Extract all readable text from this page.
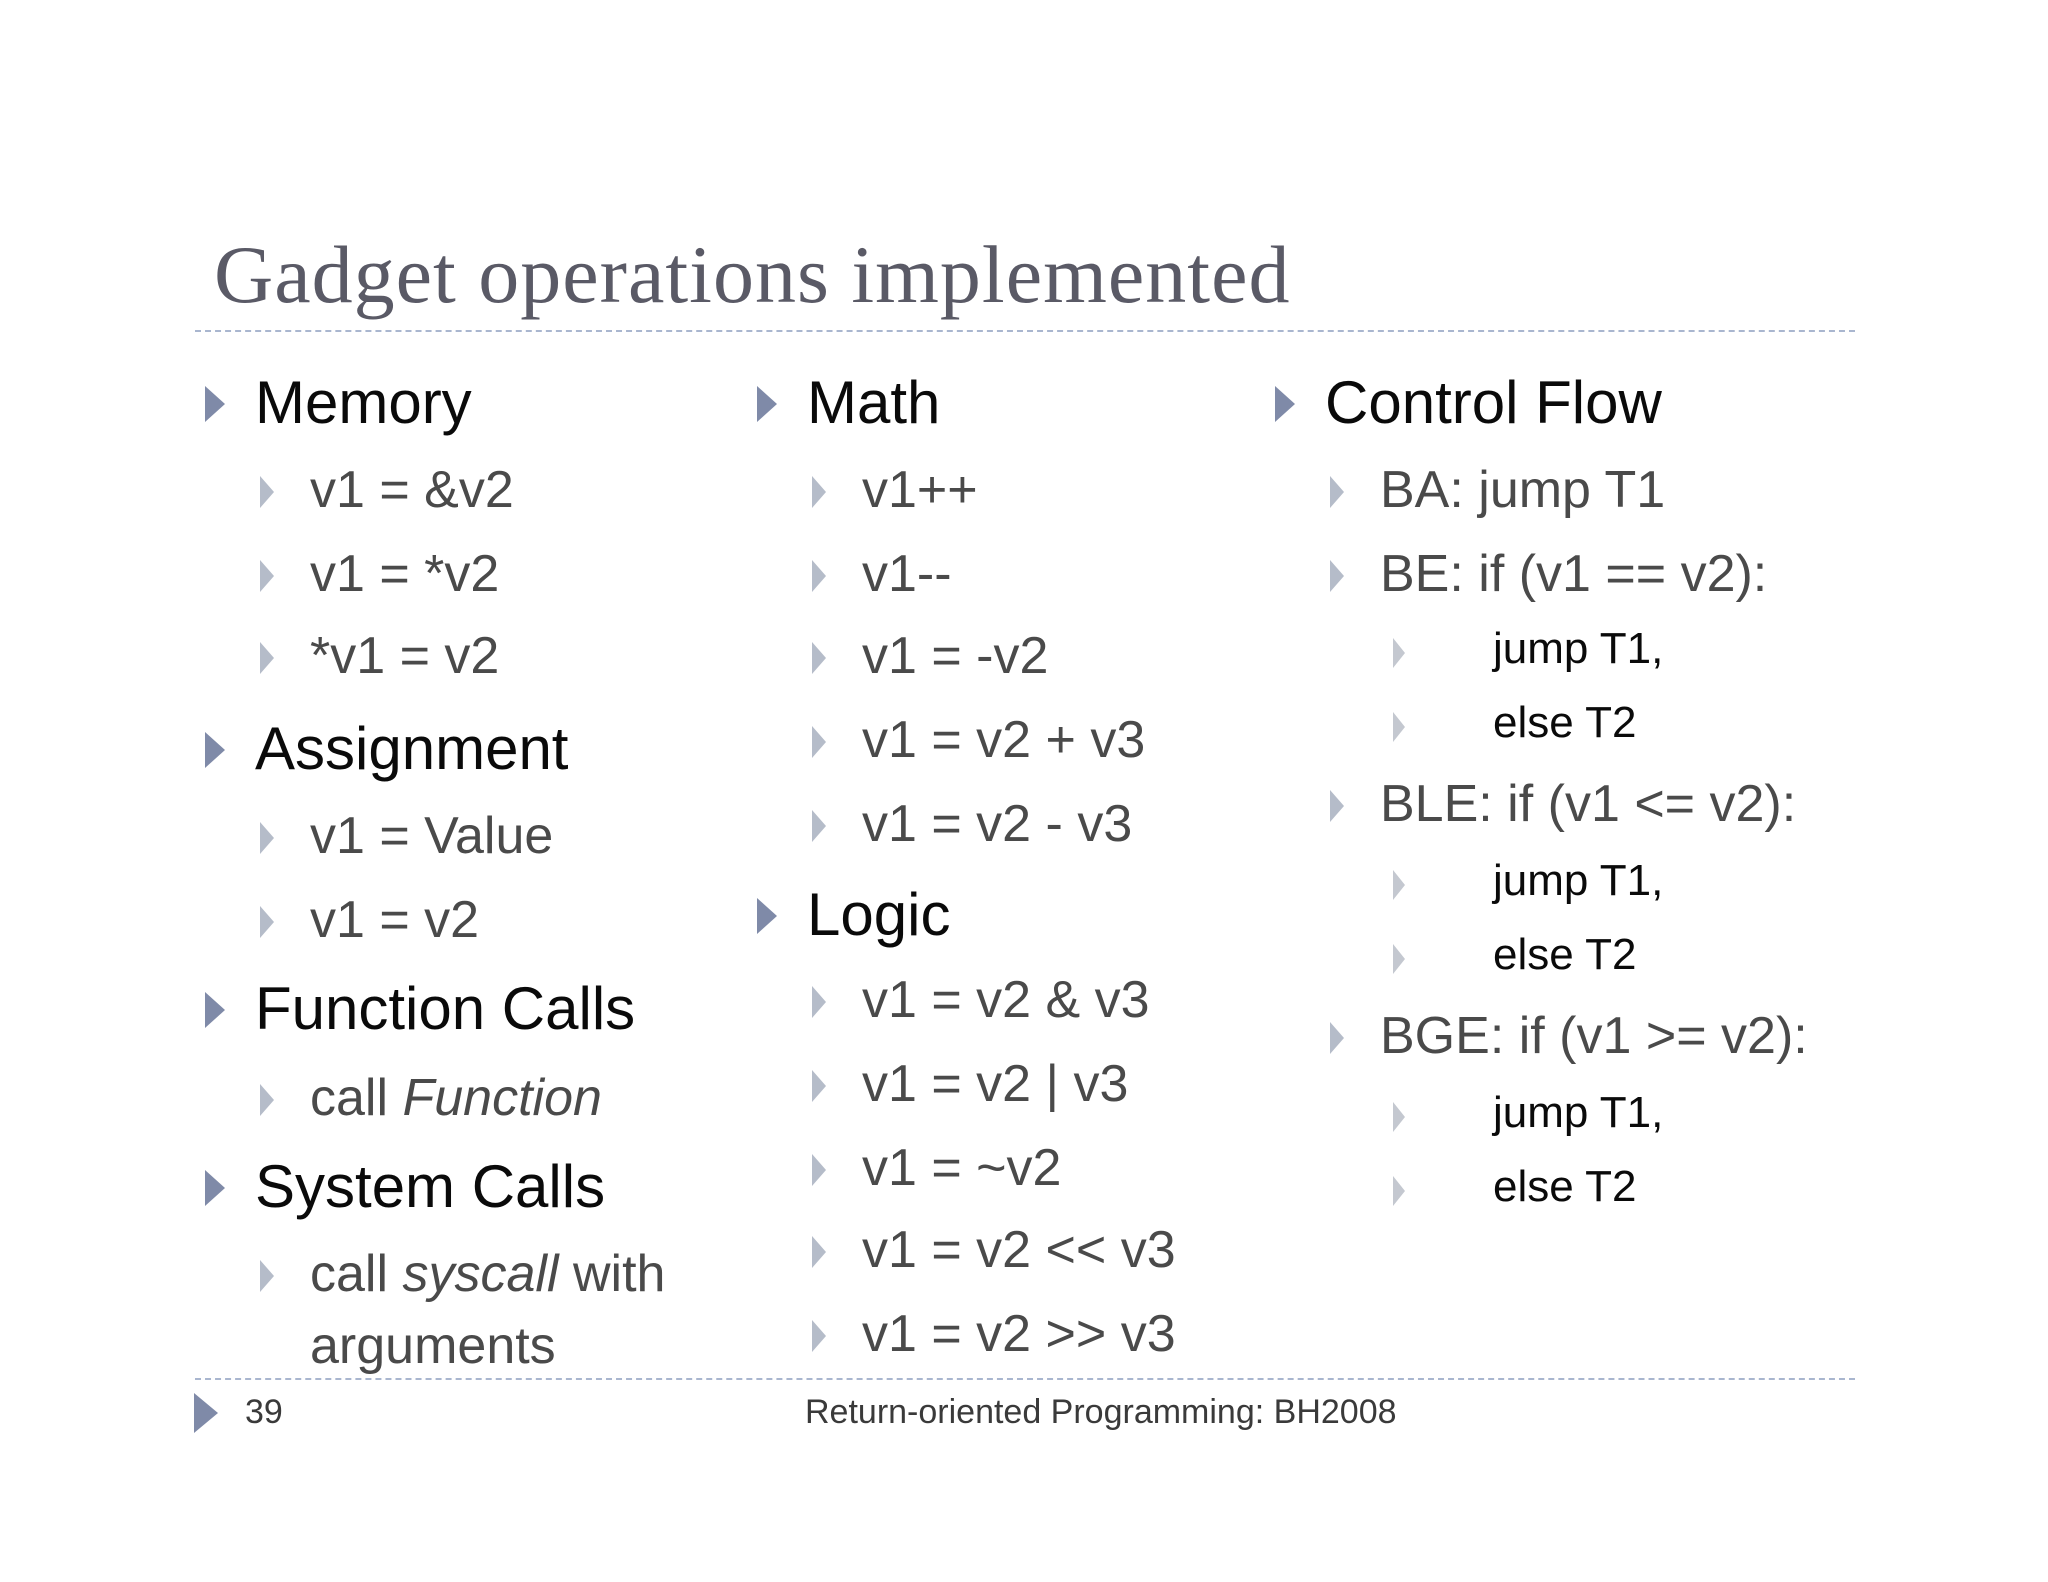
Gadget operations implemented
Memory
v1 = &v2
v1 = *v2
*v1 = v2
Assignment
v1 = Value
v1 = v2
Function Calls
call Function
System Calls
call syscall with
arguments
Math
v1++
v1--
v1 = -v2
v1 = v2 + v3
v1 = v2 - v3
Logic
v1 = v2 & v3
v1 = v2 | v3
v1 = ~v2
v1 = v2 << v3
v1 = v2 >> v3
Control Flow
BA: jump T1
BE: if (v1 == v2):
jump T1,
else T2
BLE: if (v1 <= v2):
jump T1,
else T2
BGE: if (v1 >= v2):
jump T1,
else T2
39	Return-oriented Programming: BH2008
